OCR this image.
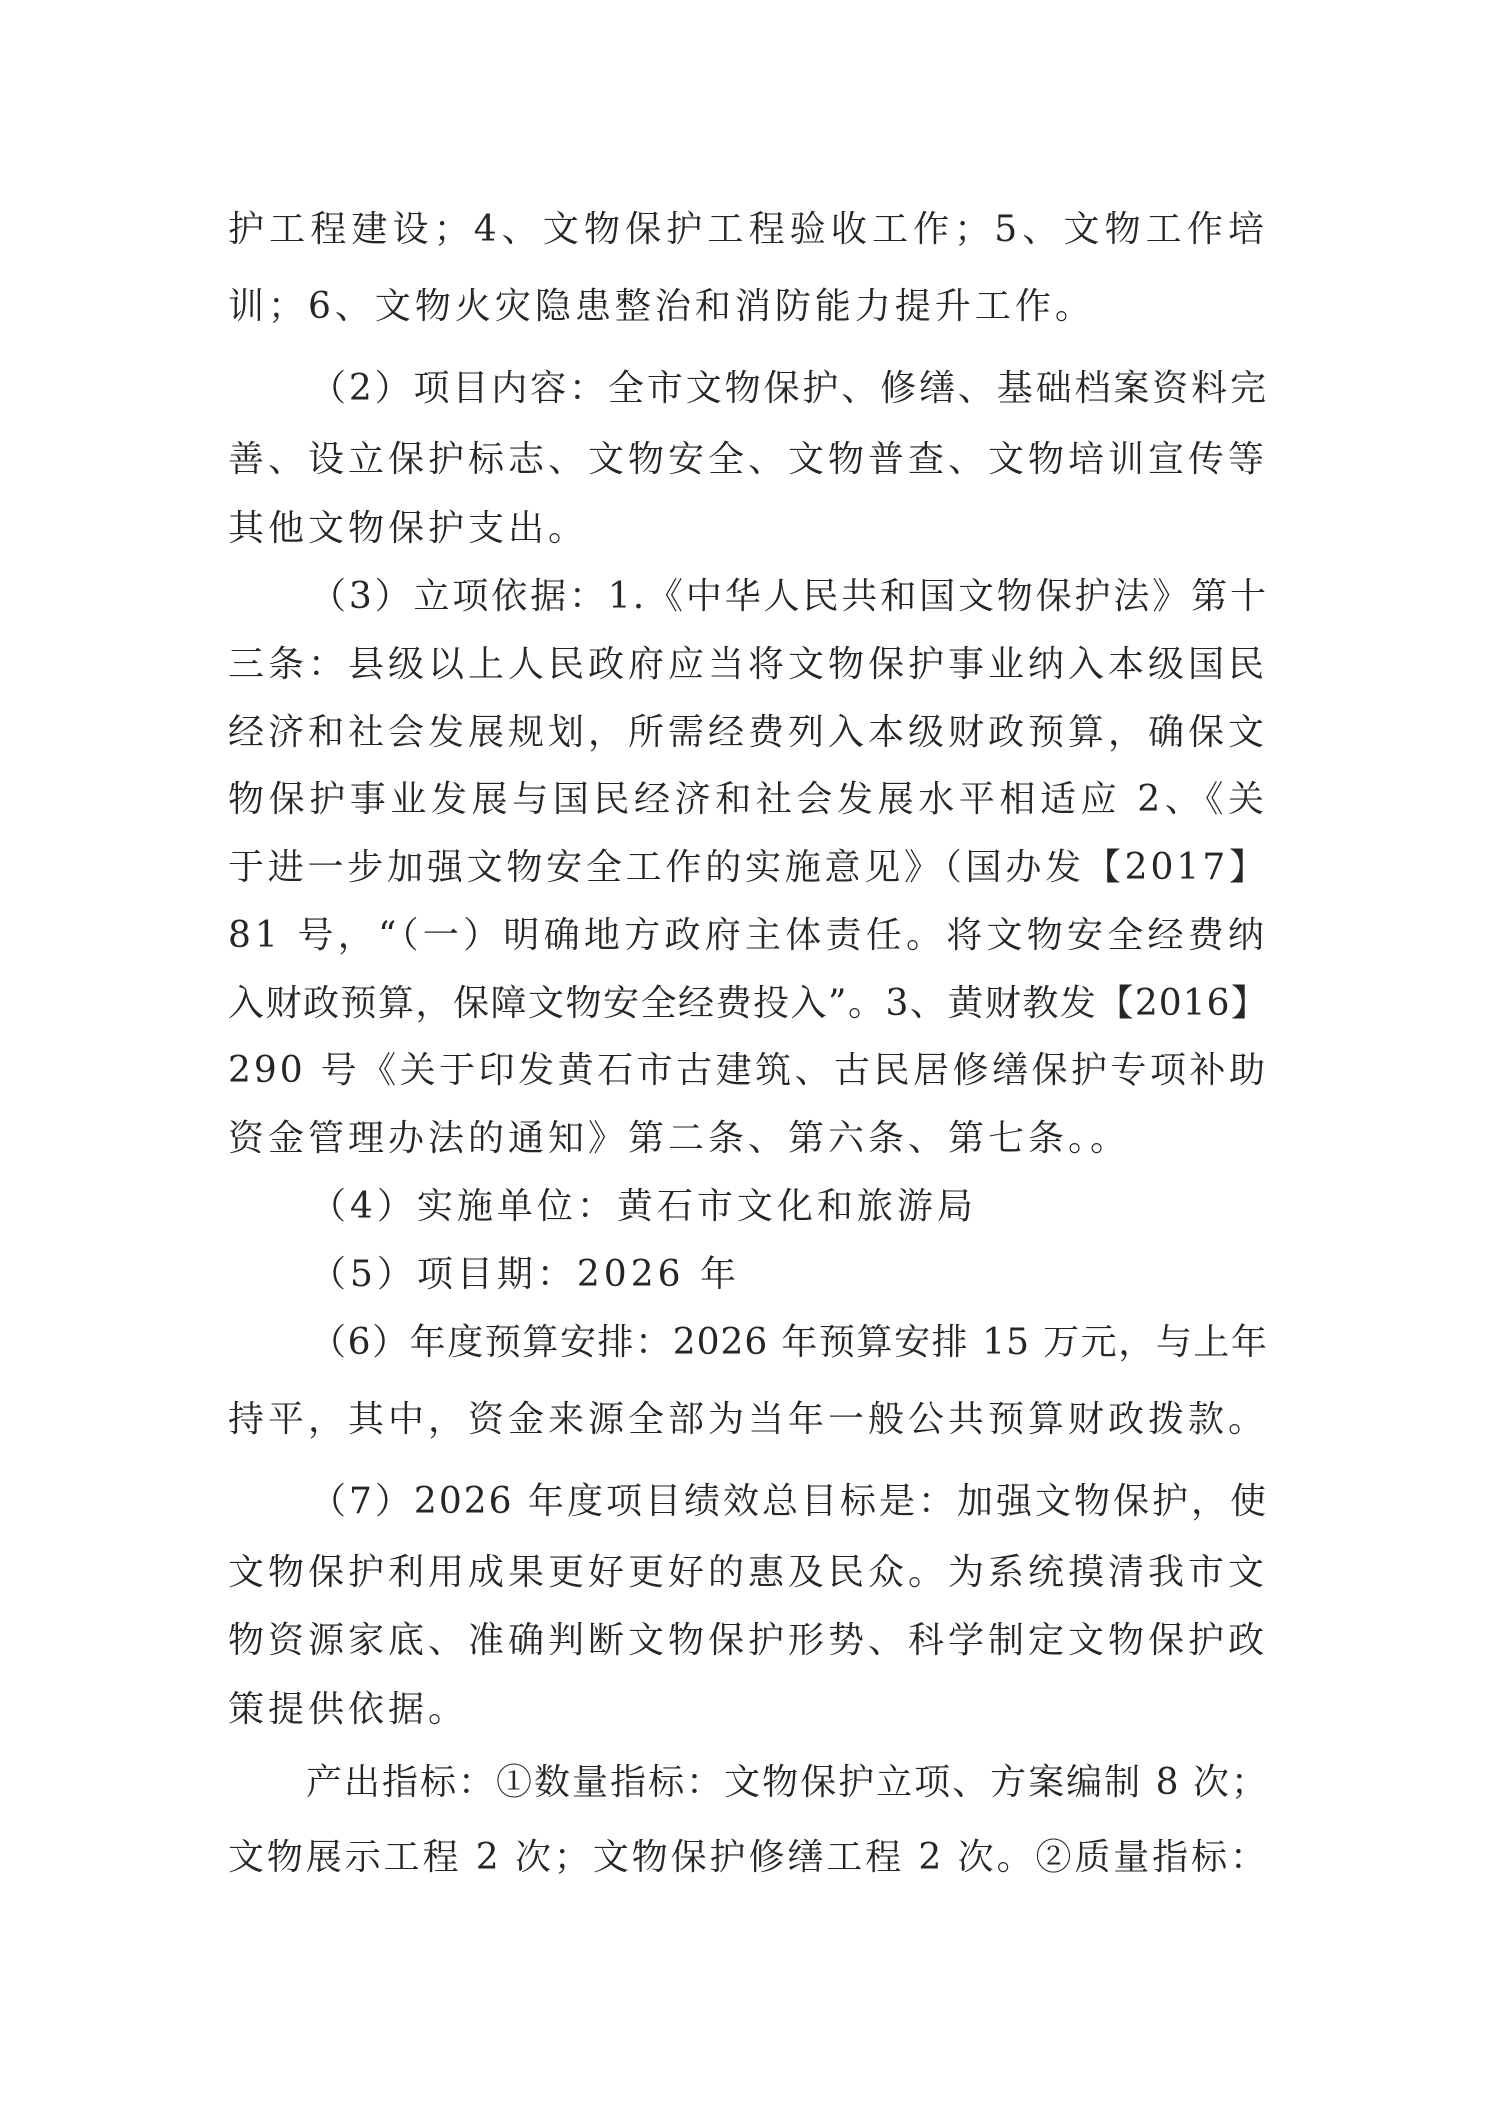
护工程建设；4、文物保护工程验收工作；5、文物工作培
训；6、文物火灾隐患整治和消防能力提升工作。
（2）项目内容：全市文物保护、修缮、基础档案资料完
善、设立保护标志、文物安全、文物普查、文物培训宣传等
其他文物保护支出。
（3）立项依据：1.《中华人民共和国文物保护法》第十
三条：县级以上人民政府应当将文物保护事业纳入本级国民
经济和社会发展规划，所需经费列入本级财政预算，确保文
物保护事业发展与国民经济和社会发展水平相适应 2、《关
于进一步加强文物安全工作的实施意见》（国办发【2017】
81 号，“（一）明确地方政府主体责任。将文物安全经费纳
入财政预算，保障文物安全经费投入”。3、黄财教发【2016】
290 号《关于印发黄石市古建筑、古民居修缮保护专项补助
资金管理办法的通知》第二条、第六条、第七条。。
（4）实施单位：黄石市文化和旅游局
（5）项目期：2026 年
（6）年度预算安排：2026 年预算安排 15 万元，与上年
持平，其中，资金来源全部为当年一般公共预算财政拨款。
（7）2026 年度项目绩效总目标是：加强文物保护，使
文物保护利用成果更好更好的惠及民众。为系统摸清我市文
物资源家底、准确判断文物保护形势、科学制定文物保护政
策提供依据。
产出指标：①数量指标：文物保护立项、方案编制 8 次；
文物展示工程 2 次；文物保护修缮工程 2 次。②质量指标：
